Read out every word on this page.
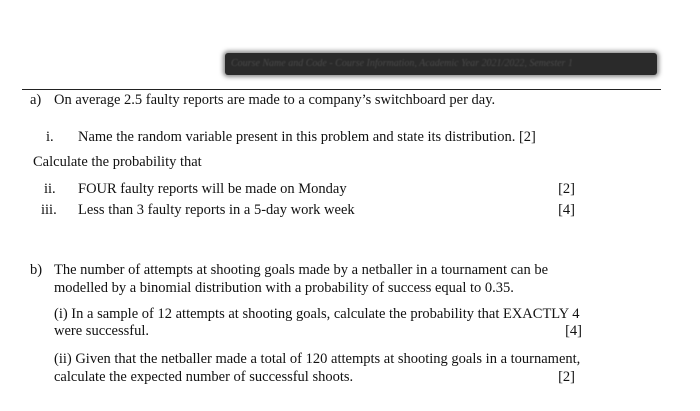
Course Name and Code - Course Information, Academic Year 2021/2022, Semester 1
a) On average 2.5 faulty reports are made to a company’s switchboard per day.
i. Name the random variable present in this problem and state its distribution. [2]
Calculate the probability that
ii. FOUR faulty reports will be made on Monday	[2]
iii. Less than 3 faulty reports in a 5-day work week	[4]
b) The number of attempts at shooting goals made by a netballer in a tournament can be
modelled by a binomial distribution with a probability of success equal to 0.35.
(i) In a sample of 12 attempts at shooting goals, calculate the probability that EXACTLY 4
were successful.	[4]
(ii) Given that the netballer made a total of 120 attempts at shooting goals in a tournament,
calculate the expected number of successful shoots.	[2]
